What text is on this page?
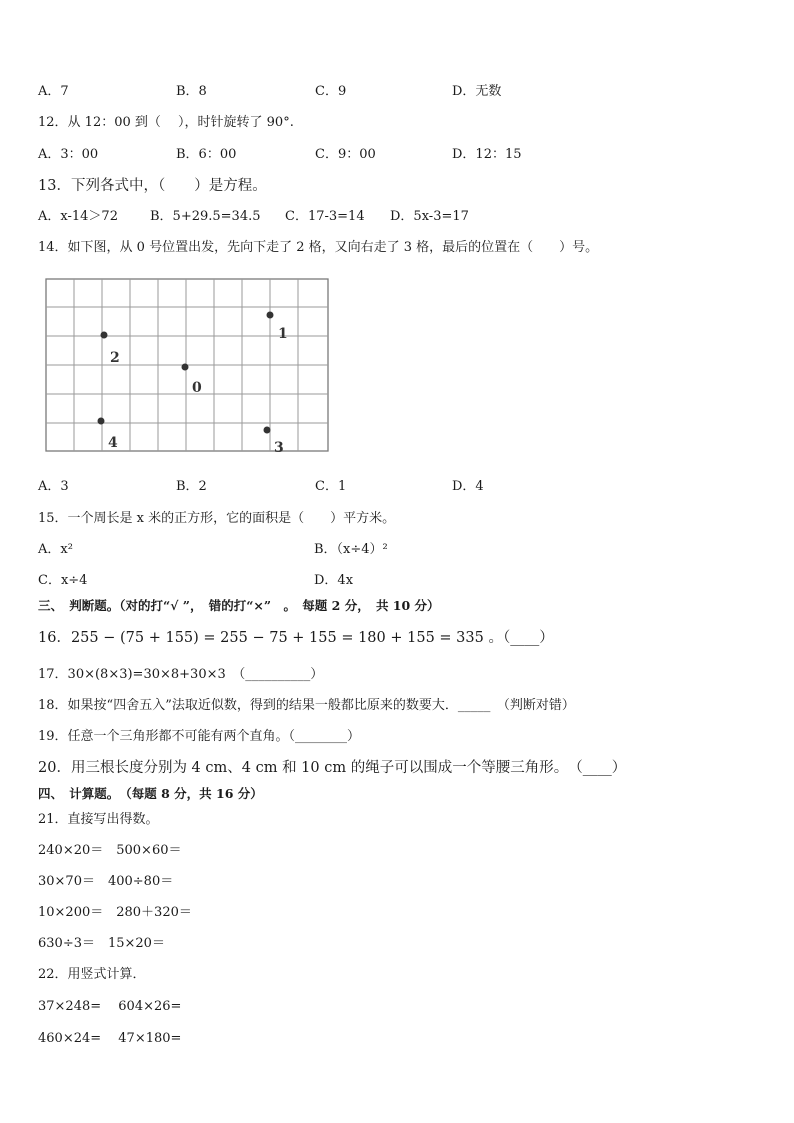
A．7	B．8	C．9	D．无数
12．从 12：00 到（　 ），时针旋转了 90°.
A．3：00	B．6：00	C．9：00	D．12：15
13．下列各式中，（　　）是方程。
A．x-14＞72 B．5+29.5=34.5 C．17-3=14 D．5x-3=17
14．如下图，从 0 号位置出发，先向下走了 2 格，又向右走了 3 格，最后的位置在（　　）号。
1
2
0
4	3
A．3	B．2	C．1	D．4
15．一个周长是 x 米的正方形，它的面积是（　　）平方米。
A．x²	B．（x÷4）²
C．x÷4	D．4x
三、　判断题。（对的打“√ ”，　错的打“×”　。　每题 2 分，　共 10 分）
16．255 − (75 + 155) = 255 − 75 + 155 = 180 + 155 = 335 。（____）
17．30×(8×3)=30×8+30×3　（__________）
18．如果按“四舍五入”法取近似数，得到的结果一般都比原来的数要大．_____　（判断对错）
19．任意一个三角形都不可能有两个直角。（________）
20．用三根长度分别为 4 cm、4 cm 和 10 cm 的绳子可以围成一个等腰三角形。　（____）
四、　计算题。　（每题 8 分，共 16 分）
21．直接写出得数。
240×20＝　500×60＝
30×70＝　400÷80＝
10×200＝　280＋320＝
630÷3＝　15×20＝
22．用竖式计算．
37×248=　 604×26=
460×24=　 47×180=
